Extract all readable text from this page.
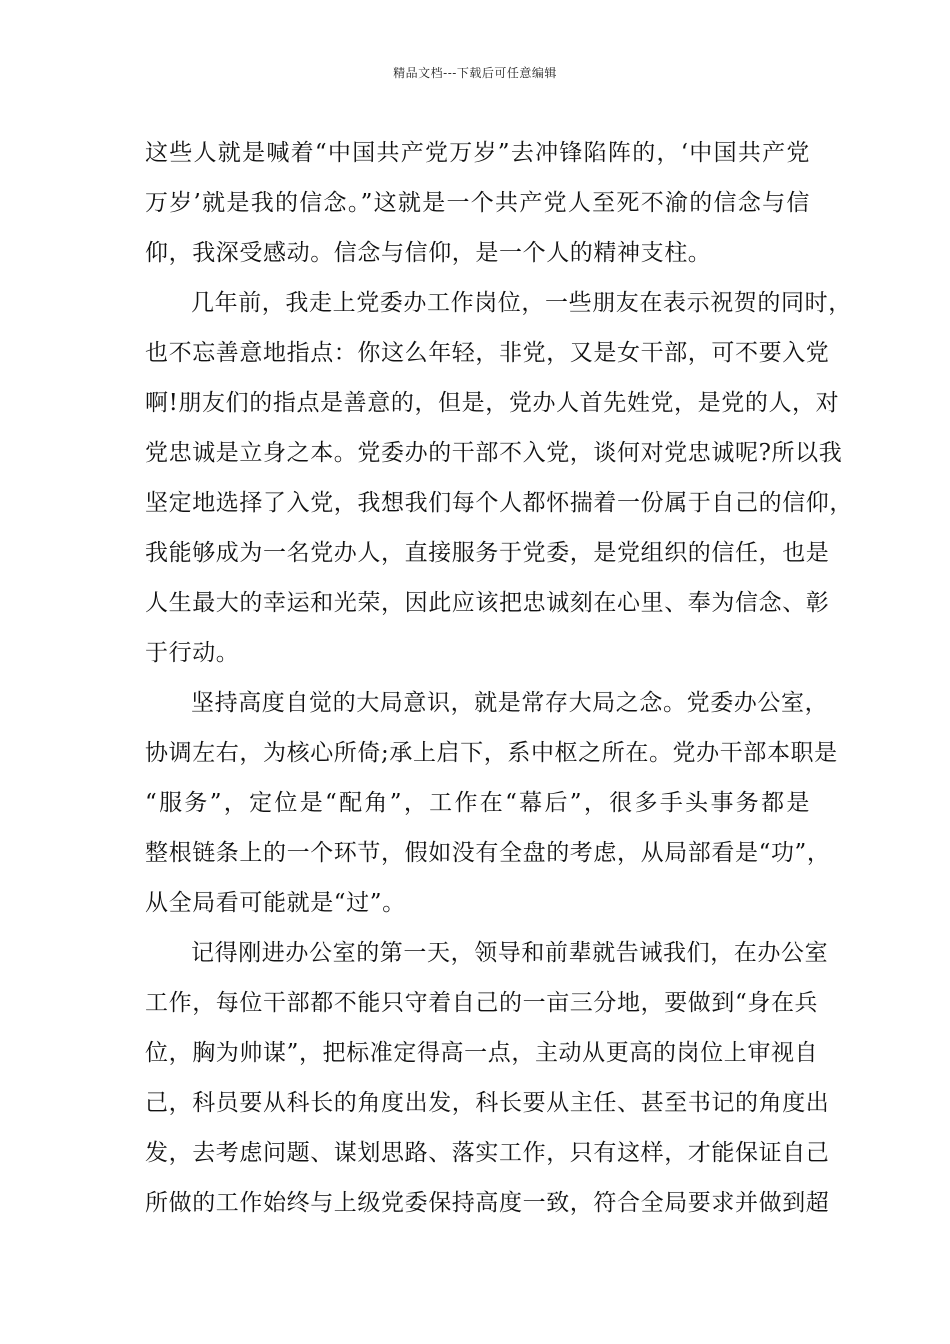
精品文档---下载后可任意编辑
这些人就是喊着“中国共产党万岁”去冲锋陷阵的，‘中国共产党
万岁’就是我的信念。”这就是一个共产党人至死不渝的信念与信
仰，我深受感动。信念与信仰，是一个人的精神支柱。
几年前，我走上党委办工作岗位，一些朋友在表示祝贺的同时，
也不忘善意地指点：你这么年轻，非党，又是女干部，可不要入党
啊!朋友们的指点是善意的，但是，党办人首先姓党，是党的人，对
党忠诚是立身之本。党委办的干部不入党，谈何对党忠诚呢?所以我
坚定地选择了入党，我想我们每个人都怀揣着一份属于自己的信仰，
我能够成为一名党办人，直接服务于党委，是党组织的信任，也是
人生最大的幸运和光荣，因此应该把忠诚刻在心里、奉为信念、彰
于行动。
坚持高度自觉的大局意识，就是常存大局之念。党委办公室，
协调左右，为核心所倚;承上启下，系中枢之所在。党办干部本职是
“服务”，定位是“配角”，工作在“幕后”，很多手头事务都是
整根链条上的一个环节，假如没有全盘的考虑，从局部看是“功”，
从全局看可能就是“过”。
记得刚进办公室的第一天，领导和前辈就告诫我们，在办公室
工作，每位干部都不能只守着自己的一亩三分地，要做到“身在兵
位，胸为帅谋”，把标准定得高一点，主动从更高的岗位上审视自
己，科员要从科长的角度出发，科长要从主任、甚至书记的角度出
发，去考虑问题、谋划思路、落实工作，只有这样，才能保证自己
所做的工作始终与上级党委保持高度一致，符合全局要求并做到超
